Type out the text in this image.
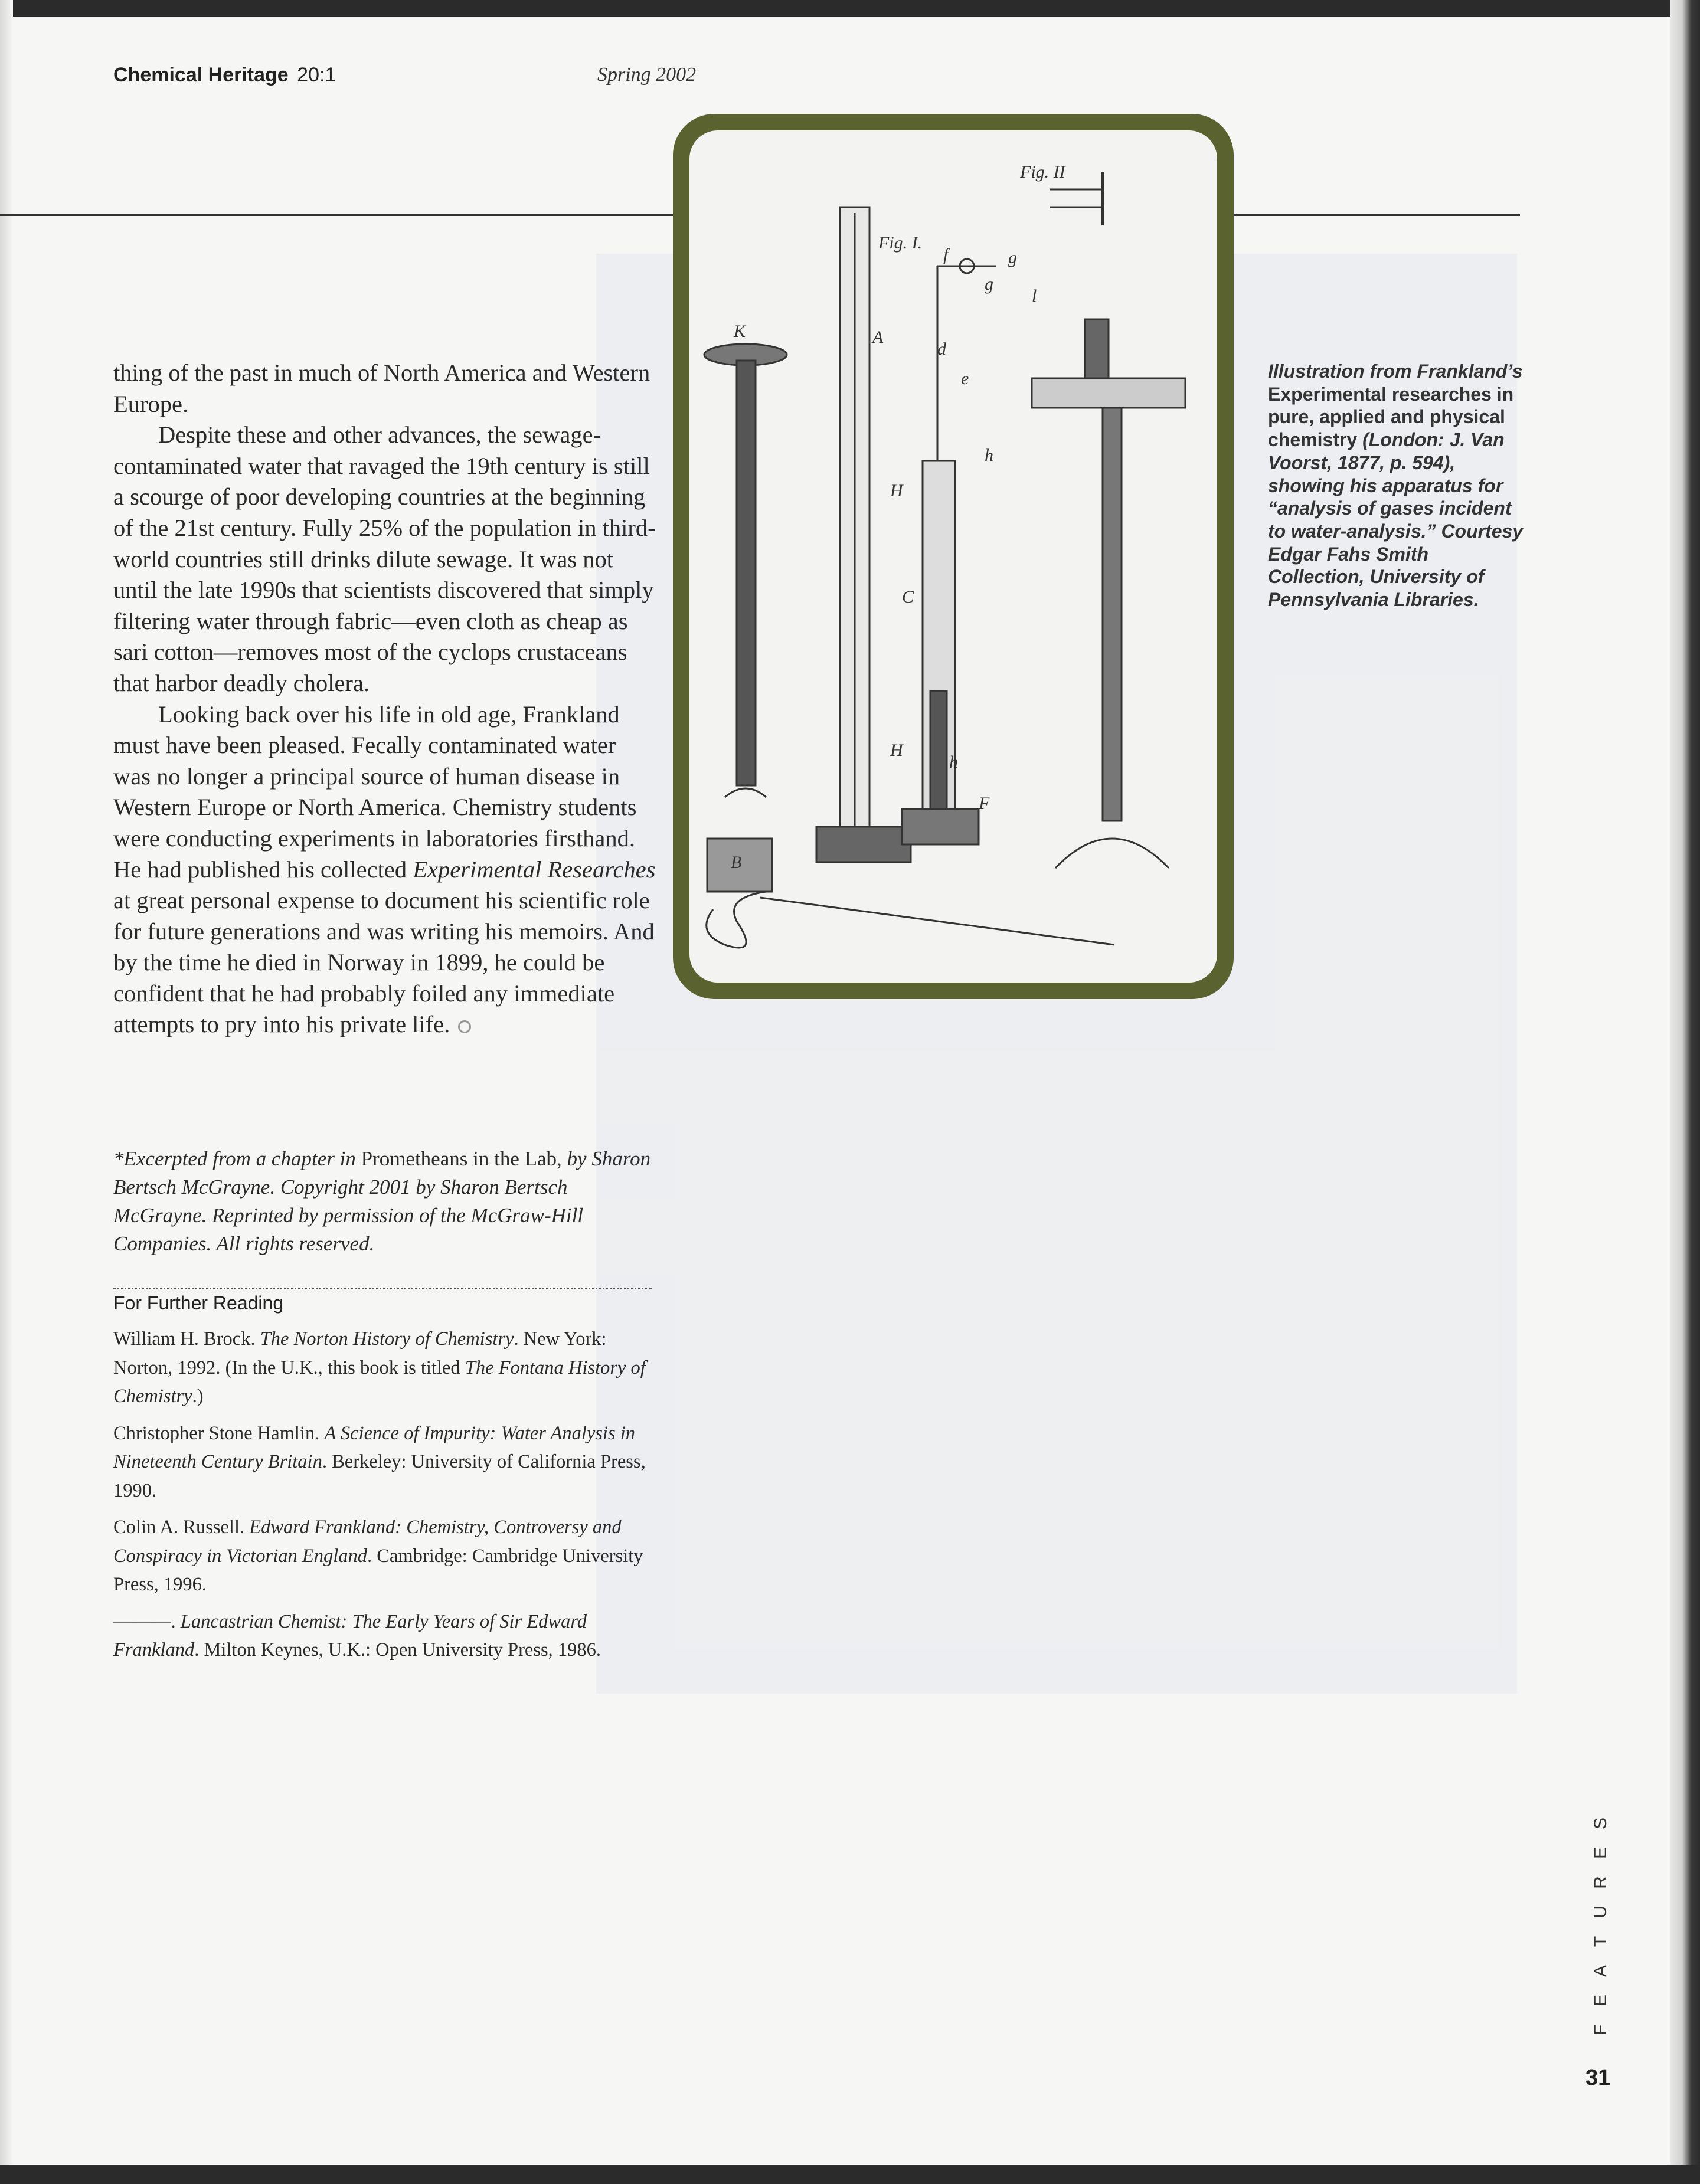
Chemical Heritage 20:1	Spring 2002

thing of the past in much of North America and Western Europe.

Despite these and other advances, the sewage-contaminated water that ravaged the 19th century is still a scourge of poor developing countries at the beginning of the 21st century. Fully 25% of the population in third-world countries still drinks dilute sewage. It was not until the late 1990s that scientists discovered that simply filtering water through fabric—even cloth as cheap as sari cotton—removes most of the cyclops crustaceans that harbor deadly cholera.

Looking back over his life in old age, Frankland must have been pleased. Fecally contaminated water was no longer a principal source of human disease in Western Europe or North America. Chemistry students were conducting experiments in laboratories firsthand. He had published his collected Experimental Researches at great personal expense to document his scientific role for future generations and was writing his memoirs. And by the time he died in Norway in 1899, he could be confident that he had probably foiled any immediate attempts to pry into his private life.

*Excerpted from a chapter in Prometheans in the Lab, by Sharon Bertsch McGrayne. Copyright 2001 by Sharon Bertsch McGrayne. Reprinted by permission of the McGraw-Hill Companies. All rights reserved.
For Further Reading

William H. Brock. The Norton History of Chemistry. New York: Norton, 1992. (In the U.K., this book is titled The Fontana History of Chemistry.)

Christopher Stone Hamlin. A Science of Impurity: Water Analysis in Nineteenth Century Britain. Berkeley: University of California Press, 1990.

Colin A. Russell. Edward Frankland: Chemistry, Controversy and Conspiracy in Victorian England. Cambridge: Cambridge University Press, 1996.

———. Lancastrian Chemist: The Early Years of Sir Edward Frankland. Milton Keynes, U.K.: Open University Press, 1986.

Fig. II
Fig. I.
K	A
f	g
g
l
d
e
h
H
C
H
h
F
B
Illustration from Frankland’s Experimental researches in pure, applied and physical chemistry (London: J. Van Voorst, 1877, p. 594), showing his apparatus for “analysis of gases incident to water-analysis.” Courtesy Edgar Fahs Smith Collection, University of Pennsylvania Libraries.
S
E
R
U
T
A
E
F
31
